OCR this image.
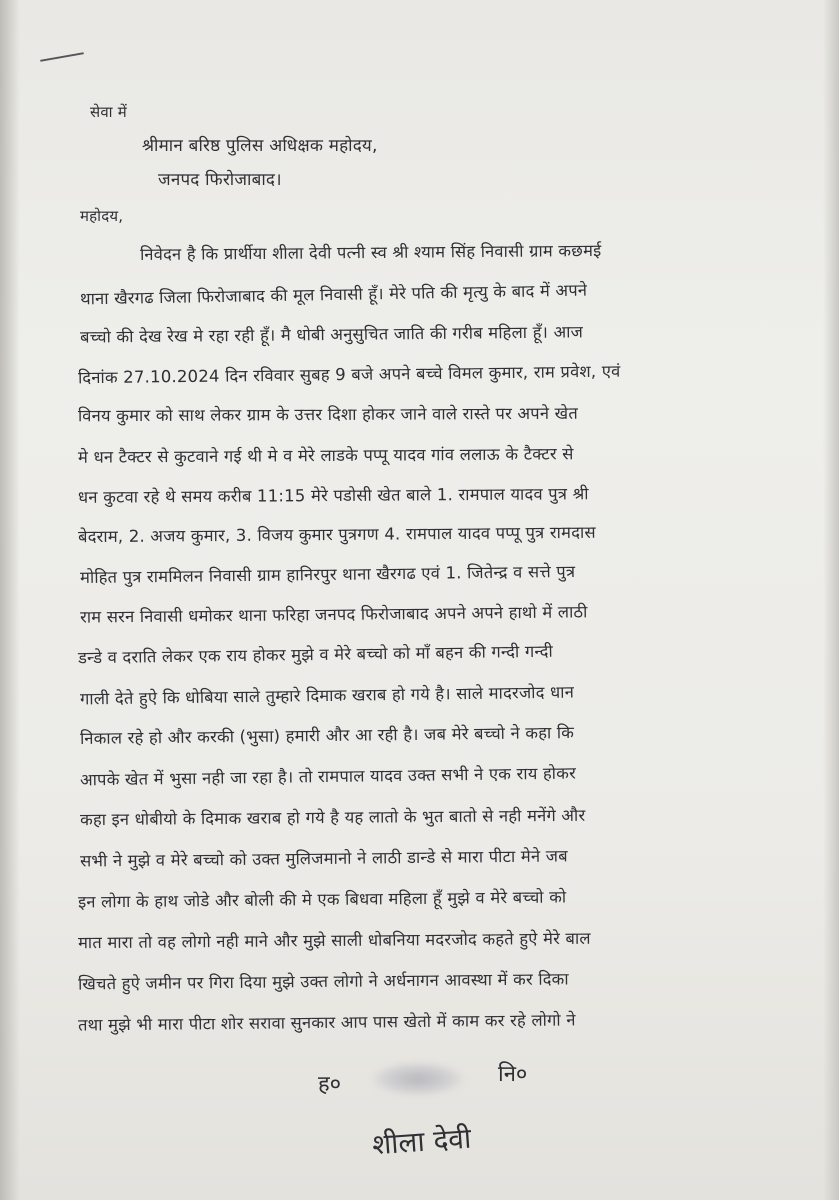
सेवा में
श्रीमान बरिष्ठ पुलिस अधिक्षक महोदय,
जनपद फिरोजाबाद।
महोदय,
निवेदन है कि प्रार्थीया शीला देवी पत्नी स्व श्री श्याम सिंह निवासी ग्राम कछमई
थाना खैरगढ जिला फिरोजाबाद की मूल निवासी हूँ। मेरे पति की मृत्यु के बाद में अपने
बच्चो की देख रेख मे रहा रही हूँ। मै धोबी अनुसुचित जाति की गरीब महिला हूँ। आज
दिनांक 27.10.2024 दिन रविवार सुबह 9 बजे अपने बच्चे विमल कुमार, राम प्रवेश, एवं
विनय कुमार को साथ लेकर ग्राम के उत्तर दिशा होकर जाने वाले रास्ते पर अपने खेत
मे धन टैक्टर से कुटवाने गई थी मे व मेरे लाडके पप्पू यादव गांव ललाऊ के टैक्टर से
धन कुटवा रहे थे समय करीब 11:15 मेरे पडोसी खेत बाले 1. रामपाल यादव पुत्र श्री
बेदराम, 2. अजय कुमार, 3. विजय कुमार पुत्रगण 4. रामपाल यादव पप्पू पुत्र रामदास
मोहित पुत्र राममिलन निवासी ग्राम हानिरपुर थाना खैरगढ एवं 1. जितेन्द्र व सत्ते पुत्र
राम सरन निवासी धमोकर थाना फरिहा जनपद फिरोजाबाद अपने अपने हाथो में लाठी
डन्डे व दराति लेकर एक राय होकर मुझे व मेरे बच्चो को मॉं बहन की गन्दी गन्दी
गाली देते हुऐ कि धोबिया साले तुम्हारे दिमाक खराब हो गये है। साले मादरजोद धान
निकाल रहे हो और करकी (भुसा) हमारी और आ रही है। जब मेरे बच्चो ने कहा कि
आपके खेत में भुसा नही जा रहा है। तो रामपाल यादव उक्त सभी ने एक राय होकर
कहा इन धोबीयो के दिमाक खराब हो गये है यह लातो के भुत बातो से नही मनेंगे और
सभी ने मुझे व मेरे बच्चो को उक्त मुलिजमानो ने लाठी डान्डे से मारा पीटा मेने जब
इन लोगा के हाथ जोडे और बोली की मे एक बिधवा महिला हूँ मुझे व मेरे बच्चो को
मात मारा तो वह लोगो नही माने और मुझे साली धोबनिया मदरजोद कहते हुऐ मेरे बाल
खिचते हुऐ जमीन पर गिरा दिया मुझे उक्त लोगो ने अर्धनागन आवस्था में कर दिका
तथा मुझे भी मारा पीटा शोर सरावा सुनकार आप पास खेतो में काम कर रहे लोगो ने
ह०	नि०
शीला देवी
